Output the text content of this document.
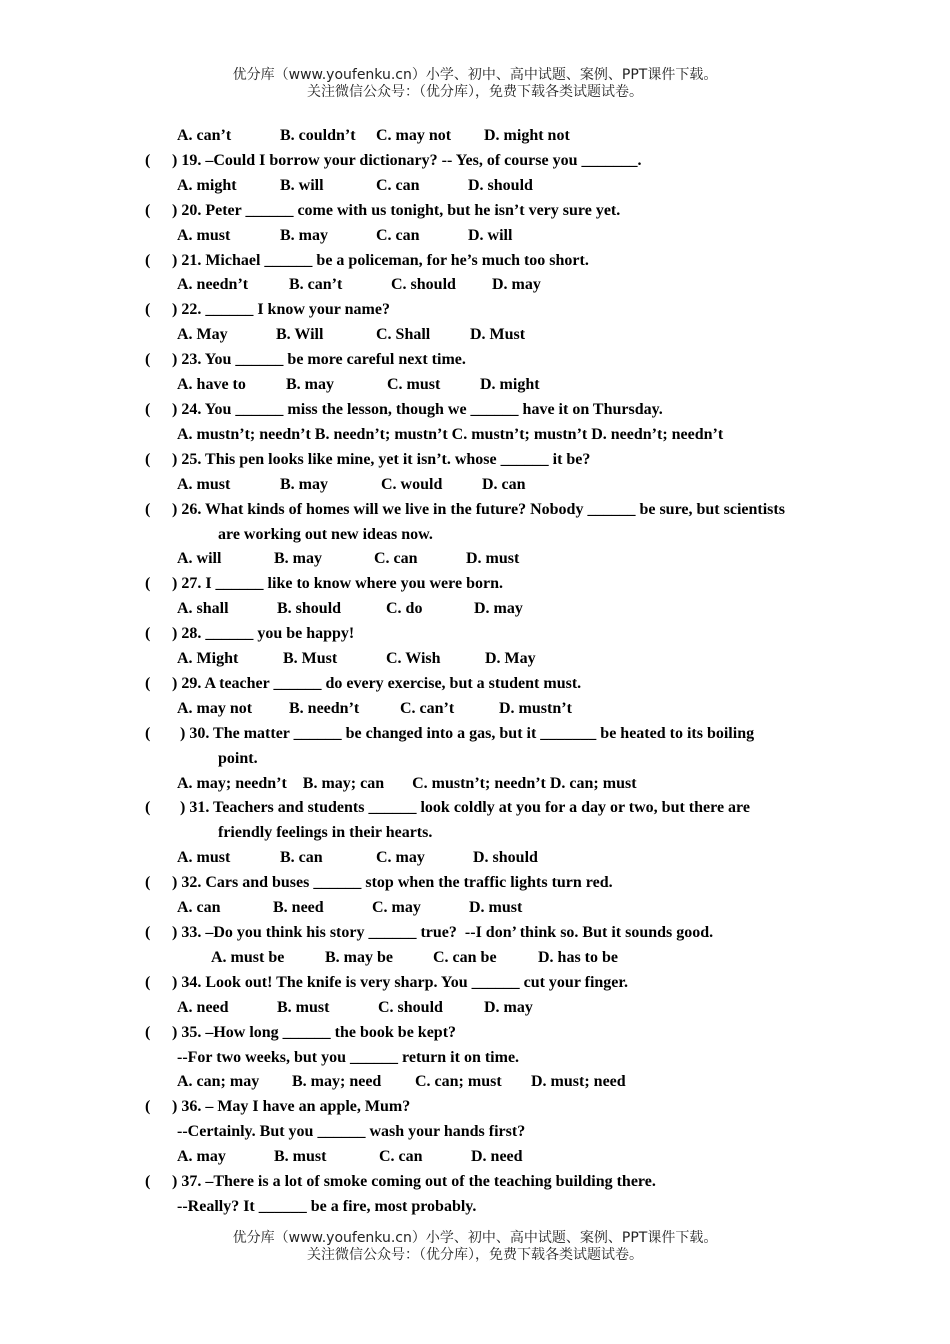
优分库（www.youfenku.cn）小学、初中、高中试题、案例、PPT课件下载。
关注微信公众号：（优分库），免费下载各类试题试卷。
A. can’t	B. couldn’t C. may not D. might not
( ) 19. –Could I borrow your dictionary? -- Yes, of course you _______.
A. might	B. will	C. can	D. should
( ) 20. Peter ______ come with us tonight, but he isn’t very sure yet.
A. must	B. may	C. can	D. will
( ) 21. Michael ______ be a policeman, for he’s much too short.
A. needn’t	B. can’t	C. should D. may
( ) 22. ______ I know your name?
A. May	B. Will	C. Shall D. Must
( ) 23. You ______ be more careful next time.
A. have to	B. may	C. must D. might
( ) 24. You ______ miss the lesson, though we ______ have it on Thursday.
A. mustn’t; needn’t B. needn’t; mustn’t C. mustn’t; mustn’t D. needn’t; needn’t
( ) 25. This pen looks like mine, yet it isn’t. whose ______ it be?
A. must	B. may	C. would D. can
( ) 26. What kinds of homes will we live in the future? Nobody ______ be sure, but scientists
are working out new ideas now.
A. will	B. may	C. can	D. must
( ) 27. I ______ like to know where you were born.
A. shall	B. should	C. do	D. may
( ) 28. ______ you be happy!
A. Might	B. Must	C. Wish	D. May
( ) 29. A teacher ______ do every exercise, but a student must.
A. may not B. needn’t	C. can’t	D. mustn’t
( ) 30. The matter ______ be changed into a gas, but it _______ be heated to its boiling
point.
A. may; needn’t    B. may; can       C. mustn’t; needn’t D. can; must
( ) 31. Teachers and students ______ look coldly at you for a day or two, but there are
friendly feelings in their hearts.
A. must	B. can	C. may	D. should
( ) 32. Cars and buses ______ stop when the traffic lights turn red.
A. can	B. need	C. may	D. must
( ) 33. –Do you think his story ______ true?  --I don’ think so. But it sounds good.
A. must be	B. may be	C. can be	D. has to be
( ) 34. Look out! The knife is very sharp. You ______ cut your finger.
A. need	B. must	C. should	D. may
( ) 35. –How long ______ the book be kept?
--For two weeks, but you ______ return it on time.
A. can; may B. may; need C. can; must D. must; need
( ) 36. – May I have an apple, Mum?
--Certainly. But you ______ wash your hands first?
A. may	B. must	C. can	D. need
( ) 37. –There is a lot of smoke coming out of the teaching building there.
--Really? It ______ be a fire, most probably.
优分库（www.youfenku.cn）小学、初中、高中试题、案例、PPT课件下载。
关注微信公众号：（优分库），免费下载各类试题试卷。
